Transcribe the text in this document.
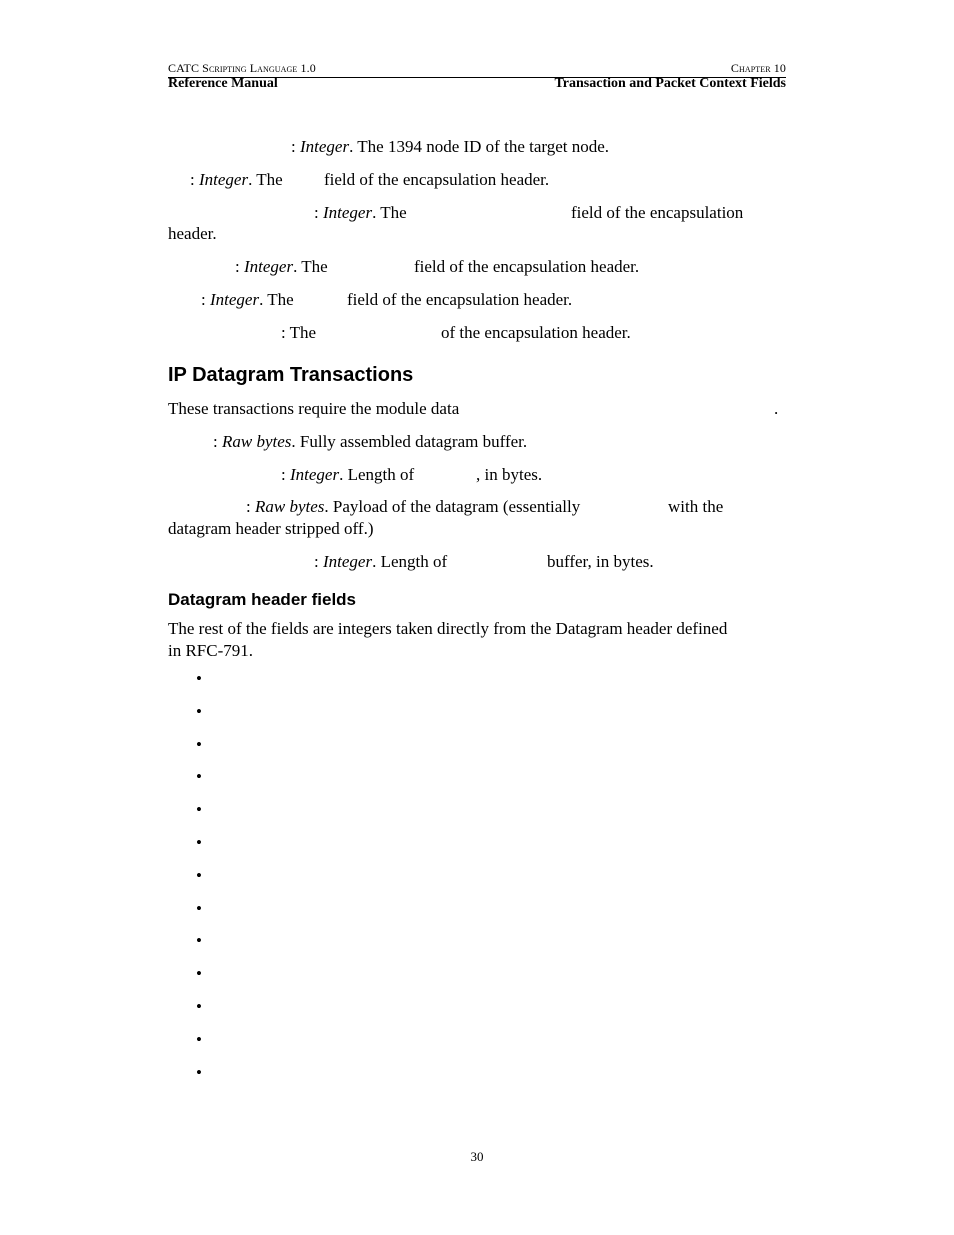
CATC Scripting Language 1.0
Reference Manual
Chapter 10
Transaction and Packet Context Fields
: Integer. The 1394 node ID of the target node.
: Integer. The field of the encapsulation header.
: Integer. The	field of the encapsulation
header.
: Integer. The	field of the encapsulation header.
: Integer. The	field of the encapsulation header.
: The	of the encapsulation header.
IP Datagram Transactions
These transactions require the module data	.
: Raw bytes. Fully assembled datagram buffer.
: Integer. Length of	, in bytes.
: Raw bytes. Payload of the datagram (essentially	with the
datagram header stripped off.)
: Integer. Length of	buffer, in bytes.
Datagram header fields
The rest of the fields are integers taken directly from the Datagram header defined
in RFC-791.
•
•
•
•
•
•
•
•
•
•
•
•
•
30
